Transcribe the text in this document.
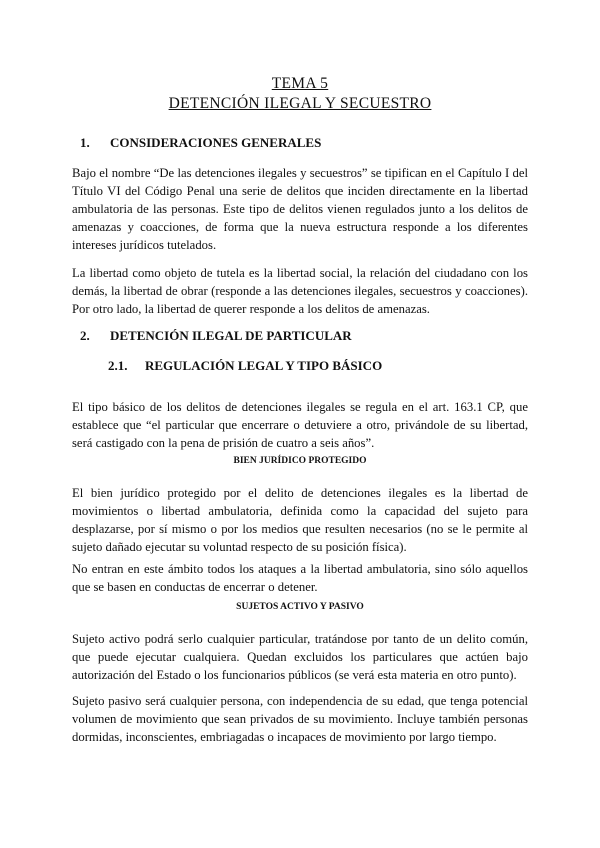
TEMA 5
DETENCIÓN ILEGAL Y SECUESTRO
1. CONSIDERACIONES GENERALES

Bajo el nombre “De las detenciones ilegales y secuestros” se tipifican en el Capítulo I del Título VI del Código Penal una serie de delitos que inciden directamente en la libertad ambulatoria de las personas. Este tipo de delitos vienen regulados junto a los delitos de amenazas y coacciones, de forma que la nueva estructura responde a los diferentes intereses jurídicos tutelados.

La libertad como objeto de tutela es la libertad social, la relación del ciudadano con los demás, la libertad de obrar (responde a las detenciones ilegales, secuestros y coacciones). Por otro lado, la libertad de querer responde a los delitos de amenazas.

2. DETENCIÓN ILEGAL DE PARTICULAR
2.1. REGULACIÓN LEGAL Y TIPO BÁSICO

El tipo básico de los delitos de detenciones ilegales se regula en el art. 163.1 CP, que establece que “el particular que encerrare o detuviere a otro, privándole de su libertad, será castigado con la pena de prisión de cuatro a seis años”.

BIEN JURÍDICO PROTEGIDO

El bien jurídico protegido por el delito de detenciones ilegales es la libertad de movimientos o libertad ambulatoria, definida como la capacidad del sujeto para desplazarse, por sí mismo o por los medios que resulten necesarios (no se le permite al sujeto dañado ejecutar su voluntad respecto de su posición física).

No entran en este ámbito todos los ataques a la libertad ambulatoria, sino sólo aquellos que se basen en conductas de encerrar o detener.

SUJETOS ACTIVO Y PASIVO

Sujeto activo podrá serlo cualquier particular, tratándose por tanto de un delito común, que puede ejecutar cualquiera. Quedan excluidos los particulares que actúen bajo autorización del Estado o los funcionarios públicos (se verá esta materia en otro punto).

Sujeto pasivo será cualquier persona, con independencia de su edad, que tenga potencial volumen de movimiento que sean privados de su movimiento. Incluye también personas dormidas, inconscientes, embriagadas o incapaces de movimiento por largo tiempo.
